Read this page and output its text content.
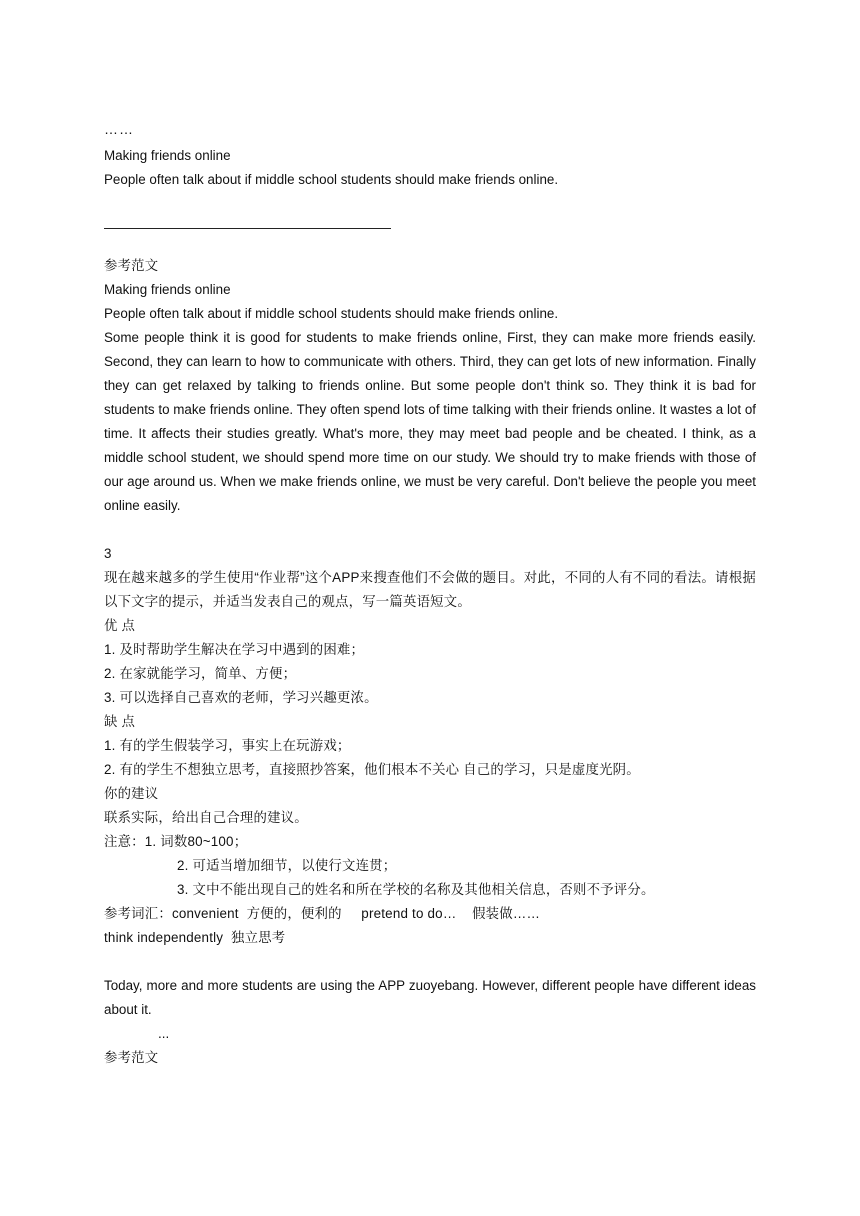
……
Making friends online
People often talk about if middle school students should make friends online.
参考范文
Making friends online
People often talk about if middle school students should make friends online.
Some people think it is good for students to make friends online, First, they can make more friends easily. Second, they can learn to how to communicate with others. Third, they can get lots of new information. Finally they can get relaxed by talking to friends online. But some people don't think so. They think it is bad for students to make friends online. They often spend lots of time talking with their friends online. It wastes a lot of time. It affects their studies greatly. What's more, they may meet bad people and be cheated. I think, as a middle school student, we should spend more time on our study. We should try to make friends with those of our age around us. When we make friends online, we must be very careful. Don't believe the people you meet online easily.
3
现在越来越多的学生使用“作业帮”这个APP来搜查他们不会做的题目。对此，不同的人有不同的看法。请根据以下文字的提示，并适当发表自己的观点，写一篇英语短文。
优 点
1. 及时帮助学生解决在学习中遇到的困难；
2. 在家就能学习，简单、方便；
3. 可以选择自己喜欢的老师，学习兴趣更浓。
缺 点
1. 有的学生假装学习，事实上在玩游戏；
2. 有的学生不想独立思考，直接照抄答案，他们根本不关心 自己的学习，只是虚度光阴。
你的建议
联系实际，给出自己合理的建议。
注意：1. 词数80~100；
2. 可适当增加细节，以使行文连贯；
3. 文中不能出现自己的姓名和所在学校的名称及其他相关信息，否则不予评分。
参考词汇：convenient  方便的，便利的     pretend to do…    假装做……
think independently  独立思考
Today, more and more students are using the APP zuoyebang. However, different people have different ideas about it.
...
参考范文
